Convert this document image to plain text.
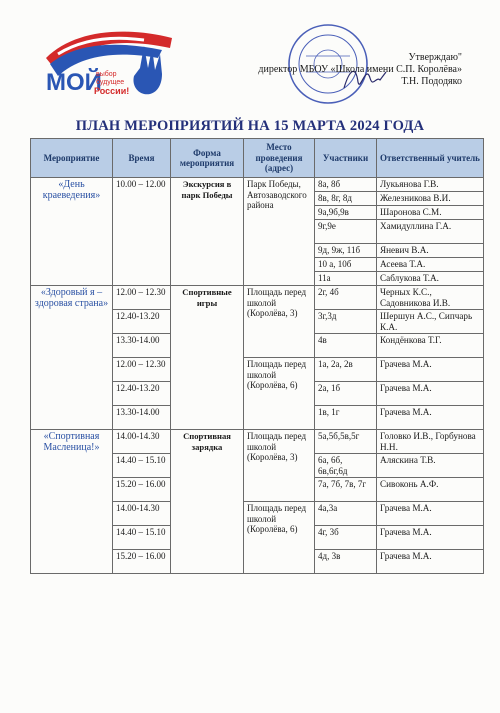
МОЙ
выбор
будущее
России!
Утверждаю"
директор МБОУ «Школа имени С.П. Королёва»
Т.Н. Пододяко
ПЛАН МЕРОПРИЯТИЙ НА 15 МАРТА 2024 ГОДА
Мероприятие	Время	Форма мероприятия	Место проведения (адрес)	Участники	Ответственный учитель
«День краеведения»	10.00 – 12.00	Экскурсия в парк Победы	Парк Победы, Автозаводского района	8а, 8б	Лукьянова Г.В.
				8в, 8г, 8д	Железникова В.И.
				9а,9б,9в	Шаронова С.М.
				9г,9е	Хамидуллина Г.А.
				9д, 9ж, 11б	Яневич В.А.
				10 а, 10б	Асеева Т.А.
				11а	Саблукова Т.А.
«Здоровый я – здоровая страна»	12.00 – 12.30	Спортивные игры	Площадь перед школой (Королёва, 3)	2г, 4б	Черных К.С., Садовникова И.В.
	12.40-13.20			3г,3д	Шершун А.С., Сипчарь К.А.
	13.30-14.00			4в	Кондёнкова Т.Г.
	12.00 – 12.30		Площадь перед школой (Королёва, 6)	1а, 2а, 2в	Грачева М.А.
	12.40-13.20			2а, 1б	Грачева М.А.
	13.30-14.00			1в, 1г	Грачева М.А.
«Спортивная Масленица!»	14.00-14.30	Спортивная зарядка	Площадь перед школой (Королёва, 3)	5а,5б,5в,5г	Головко И.В., Горбунова Н.Н.
	14.40 – 15.10			6а, 6б, 6в,6г,6д	Аляскина Т.В.
	15.20 – 16.00			7а, 7б, 7в, 7г	Сивоконь А.Ф.
	14.00-14.30		Площадь перед школой (Королёва, 6)	4а,3а	Грачева М.А.
	14.40 – 15.10			4г, 3б	Грачева М.А.
	15.20 – 16.00			4д, 3в	Грачева М.А.
